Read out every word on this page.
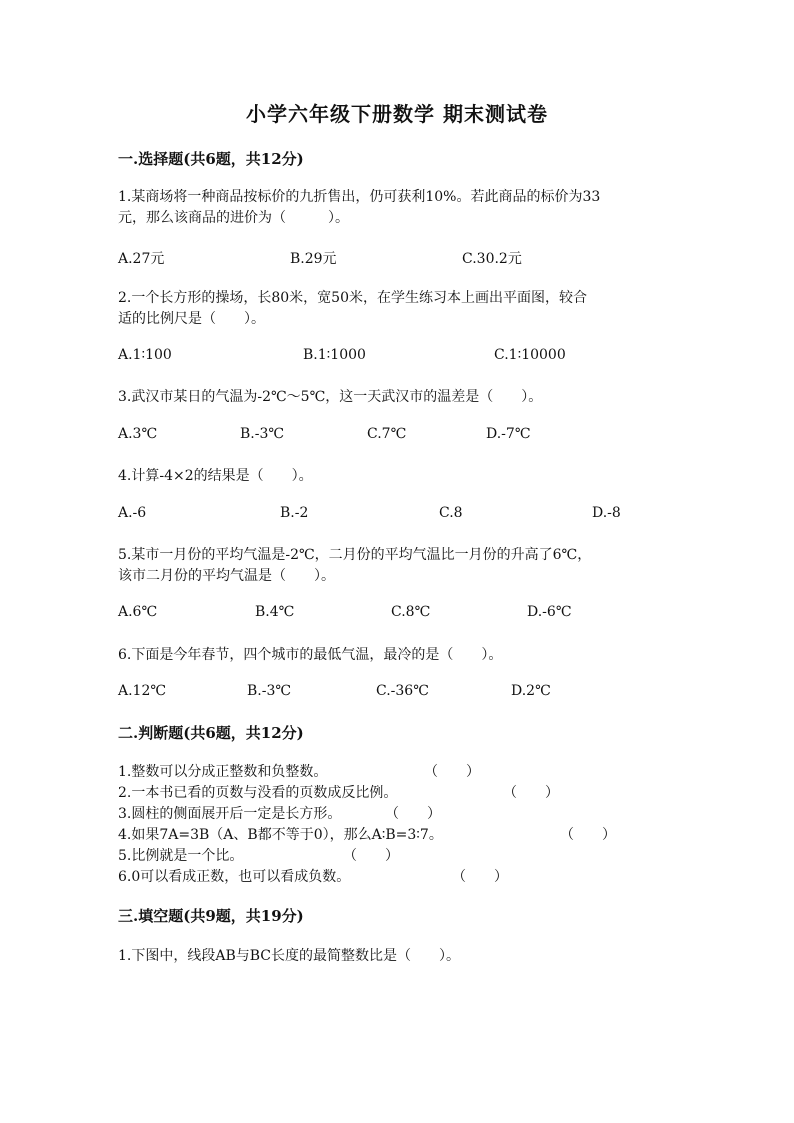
小学六年级下册数学 期末测试卷
一.选择题(共6题，共12分)
1.某商场将一种商品按标价的九折售出，仍可获利10%。若此商品的标价为33
元，那么该商品的进价为（　　　）。
A.27元	B.29元	C.30.2元
2.一个长方形的操场，长80米，宽50米，在学生练习本上画出平面图，较合
适的比例尺是（　　）。
A.1∶100	B.1∶1000	C.1∶10000
3.武汉市某日的气温为-2℃～5℃，这一天武汉市的温差是（　　）。
A.3℃	B.-3℃	C.7℃	D.-7℃
4.计算-4×2的结果是（　　）。
A.-6	B.-2	C.8	D.-8
5.某市一月份的平均气温是-2℃，二月份的平均气温比一月份的升高了6℃，
该市二月份的平均气温是（　　）。
A.6℃	B.4℃	C.8℃	D.-6℃
6.下面是今年春节，四个城市的最低气温，最冷的是（　　）。
A.12℃	B.-3℃	C.-36℃	D.2℃
二.判断题(共6题，共12分)
1.整数可以分成正整数和负整数。	（　　）
2.一本书已看的页数与没看的页数成反比例。	（　　）
3.圆柱的侧面展开后一定是长方形。	（　　）
4.如果7A=3B（A、B都不等于0），那么A∶B=3∶7。	（　　）
5.比例就是一个比。	（　　）
6.0可以看成正数，也可以看成负数。	（　　）
三.填空题(共9题，共19分)
1.下图中，线段AB与BC长度的最简整数比是（　　）。
